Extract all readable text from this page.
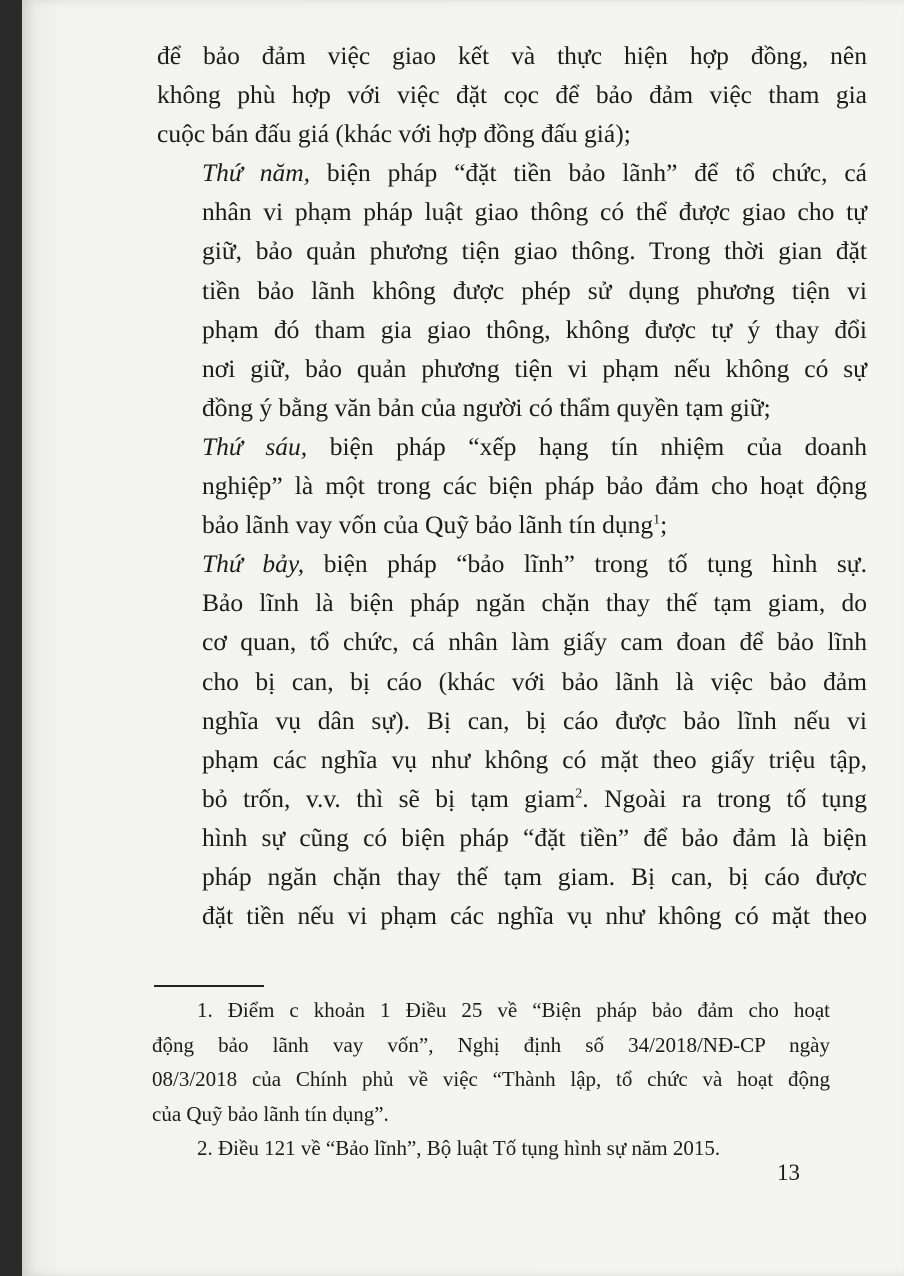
để bảo đảm việc giao kết và thực hiện hợp đồng, nên
không phù hợp với việc đặt cọc để bảo đảm việc tham gia
cuộc bán đấu giá (khác với hợp đồng đấu giá);

Thứ năm, biện pháp “đặt tiền bảo lãnh” để tổ chức, cá
nhân vi phạm pháp luật giao thông có thể được giao cho tự
giữ, bảo quản phương tiện giao thông. Trong thời gian đặt
tiền bảo lãnh không được phép sử dụng phương tiện vi
phạm đó tham gia giao thông, không được tự ý thay đổi
nơi giữ, bảo quản phương tiện vi phạm nếu không có sự
đồng ý bằng văn bản của người có thẩm quyền tạm giữ;

Thứ sáu, biện pháp “xếp hạng tín nhiệm của doanh
nghiệp” là một trong các biện pháp bảo đảm cho hoạt động
bảo lãnh vay vốn của Quỹ bảo lãnh tín dụng$^1$;

Thứ bảy, biện pháp “bảo lĩnh” trong tố tụng hình sự.
Bảo lĩnh là biện pháp ngăn chặn thay thế tạm giam, do
cơ quan, tổ chức, cá nhân làm giấy cam đoan để bảo lĩnh
cho bị can, bị cáo (khác với bảo lãnh là việc bảo đảm
nghĩa vụ dân sự). Bị can, bị cáo được bảo lĩnh nếu vi
phạm các nghĩa vụ như không có mặt theo giấy triệu tập,
bỏ trốn, v.v. thì sẽ bị tạm giam$^2$. Ngoài ra trong tố tụng
hình sự cũng có biện pháp “đặt tiền” để bảo đảm là biện
pháp ngăn chặn thay thế tạm giam. Bị can, bị cáo được
đặt tiền nếu vi phạm các nghĩa vụ như không có mặt theo

1. Điểm c khoản 1 Điều 25 về “Biện pháp bảo đảm cho hoạt
động bảo lãnh vay vốn”, Nghị định số 34/2018/NĐ-CP ngày
08/3/2018 của Chính phủ về việc “Thành lập, tổ chức và hoạt động
của Quỹ bảo lãnh tín dụng”.

2. Điều 121 về “Bảo lĩnh”, Bộ luật Tố tụng hình sự năm 2015.

13
